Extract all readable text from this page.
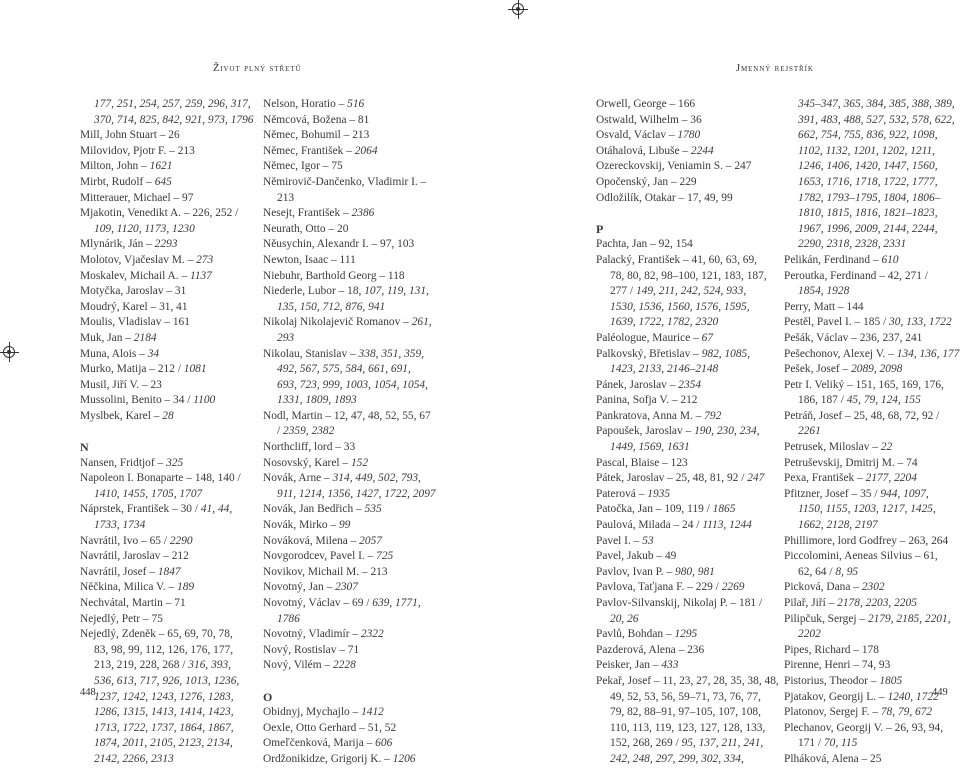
Život plný střetů	Jmenný rejstřík

177, 251, 254, 257, 259, 296, 317,

370, 714, 825, 842, 921, 973, 1796

Mill, John Stuart – 26

Milovidov, Pjotr F. – 213

Milton, John – 1621

Mirbt, Rudolf – 645

Mitterauer, Michael – 97

Mjakotin, Venedikt A. – 226, 252 /

109, 1120, 1173, 1230

Mlynárik, Ján – 2293

Molotov, Vjačeslav M. – 273

Moskalev, Michail A. – 1137

Motyčka, Jaroslav – 31

Moudrý, Karel – 31, 41

Moulis, Vladislav – 161

Muk, Jan – 2184

Muna, Alois – 34

Murko, Matija – 212 / 1081

Musil, Jiří V. – 23

Mussolini, Benito – 34 / 1100

Myslbek, Karel – 28

N

Nansen, Fridtjof – 325

Napoleon I. Bonaparte – 148, 140 /

1410, 1455, 1705, 1707

Náprstek, František – 30 / 41, 44,

1733, 1734

Navrátil, Ivo – 65 / 2290

Navrátil, Jaroslav – 212

Navrátil, Josef – 1847

Něčkina, Milica V. – 189

Nechvátal, Martin – 71

Nejedlý, Petr – 75

Nejedlý, Zdeněk – 65, 69, 70, 78,

83, 98, 99, 112, 126, 176, 177,

213, 219, 228, 268 / 316, 393,

536, 613, 717, 926, 1013, 1236,

1237, 1242, 1243, 1276, 1283,

1286, 1315, 1413, 1414, 1423,

1713, 1722, 1737, 1864, 1867,

1874, 2011, 2105, 2123, 2134,

2142, 2266, 2313

Nelson, Horatio – 516

Němcová, Božena – 81

Němec, Bohumil – 213

Němec, František – 2064

Němec, Igor – 75

Němirovič-Dančenko, Vladimir I. –

213

Nesejt, František – 2386

Neurath, Otto – 20

Něusychin, Alexandr I. – 97, 103

Newton, Isaac – 111

Niebuhr, Barthold Georg – 118

Niederle, Lubor – 18, 107, 119, 131,

135, 150, 712, 876, 941

Nikolaj Nikolajevič Romanov – 261,

293

Nikolau, Stanislav – 338, 351, 359,

492, 567, 575, 584, 661, 691,

693, 723, 999, 1003, 1054, 1054,

1331, 1809, 1893

Nodl, Martin – 12, 47, 48, 52, 55, 67

/ 2359, 2382

Northcliff, lord – 33

Nosovský, Karel – 152

Novák, Arne – 314, 449, 502, 793,

911, 1214, 1356, 1427, 1722, 2097

Novák, Jan Bedřich – 535

Novák, Mirko – 99

Nováková, Milena – 2057

Novgorodcev, Pavel I. – 725

Novikov, Michail M. – 213

Novotný, Jan – 2307

Novotný, Václav – 69 / 639, 1771,

1786

Novotný, Vladimír – 2322

Nový, Rostislav – 71

Nový, Vilém – 2228

O

Obidnyj, Mychajlo – 1412

Oexle, Otto Gerhard – 51, 52

Omeľčenková, Marija – 606

Ordžonikidze, Grigorij K. – 1206

Orwell, George – 166

Ostwald, Wilhelm – 36

Osvald, Václav – 1780

Otáhalová, Libuše – 2244

Ozereckovskij, Veniamin S. – 247

Opočenský, Jan – 229

Odložilík, Otakar – 17, 49, 99

P

Pachta, Jan – 92, 154

Palacký, František – 41, 60, 63, 69,

78, 80, 82, 98–100, 121, 183, 187,

277 / 149, 211, 242, 524, 933,

1530, 1536, 1560, 1576, 1595,

1639, 1722, 1782, 2320

Paléologue, Maurice – 67

Palkovský, Břetislav – 982, 1085,

1423, 2133, 2146–2148

Pánek, Jaroslav – 2354

Panina, Sofja V. – 212

Pankratova, Anna M. – 792

Papoušek, Jaroslav – 190, 230, 234,

1449, 1569, 1631

Pascal, Blaise – 123

Pátek, Jaroslav – 25, 48, 81, 92 / 247

Paterová – 1935

Patočka, Jan – 109, 119 / 1865

Paulová, Milada – 24 / 1113, 1244

Pavel I. – 53

Pavel, Jakub – 49

Pavlov, Ivan P. – 980, 981

Pavlova, Taťjana F. – 229 / 2269

Pavlov-Silvanskij, Nikolaj P. – 181 /

20, 26

Pavlů, Bohdan – 1295

Pazderová, Alena – 236

Peisker, Jan – 433

Pekař, Josef – 11, 23, 27, 28, 35, 38, 48,

49, 52, 53, 56, 59–71, 73, 76, 77,

79, 82, 88–91, 97–105, 107, 108,

110, 113, 119, 123, 127, 128, 133,

152, 268, 269 / 95, 137, 211, 241,

242, 248, 297, 299, 302, 334,

345–347, 365, 384, 385, 388, 389,

391, 483, 488, 527, 532, 578, 622,

662, 754, 755, 836, 922, 1098,

1102, 1132, 1201, 1202, 1211,

1246, 1406, 1420, 1447, 1560,

1653, 1716, 1718, 1722, 1777,

1782, 1793–1795, 1804, 1806–

1810, 1815, 1816, 1821–1823,

1967, 1996, 2009, 2144, 2244,

2290, 2318, 2328, 2331

Pelikán, Ferdinand – 610

Peroutka, Ferdinand – 42, 271 /

1854, 1928

Perry, Matt – 144

Pestěl, Pavel I. – 185 / 30, 133, 1722

Pešák, Václav – 236, 237, 241

Pešechonov, Alexej V. – 134, 136, 177

Pešek, Josef – 2089, 2098

Petr I. Veliký – 151, 165, 169, 176,

186, 187 / 45, 79, 124, 155

Petráň, Josef – 25, 48, 68, 72, 92 /

2261

Petrusek, Miloslav – 22

Petruševskij, Dmitrij M. – 74

Pexa, František – 2177, 2204

Pfitzner, Josef – 35 / 944, 1097,

1150, 1155, 1203, 1217, 1425,

1662, 2128, 2197

Phillimore, lord Godfrey – 263, 264

Piccolomini, Aeneas Silvius – 61,

62, 64 / 8, 95

Picková, Dana – 2302

Pilař, Jiří – 2178, 2203, 2205

Pilipčuk, Sergej – 2179, 2185, 2201,

2202

Pipes, Richard – 178

Pirenne, Henri – 74, 93

Pistorius, Theodor – 1805

Pjatakov, Georgij L. – 1240, 1722

Platonov, Sergej F. – 78, 79, 672

Plechanov, Georgij V. – 26, 93, 94,

171 / 70, 115

Plháková, Alena – 25

448	449
